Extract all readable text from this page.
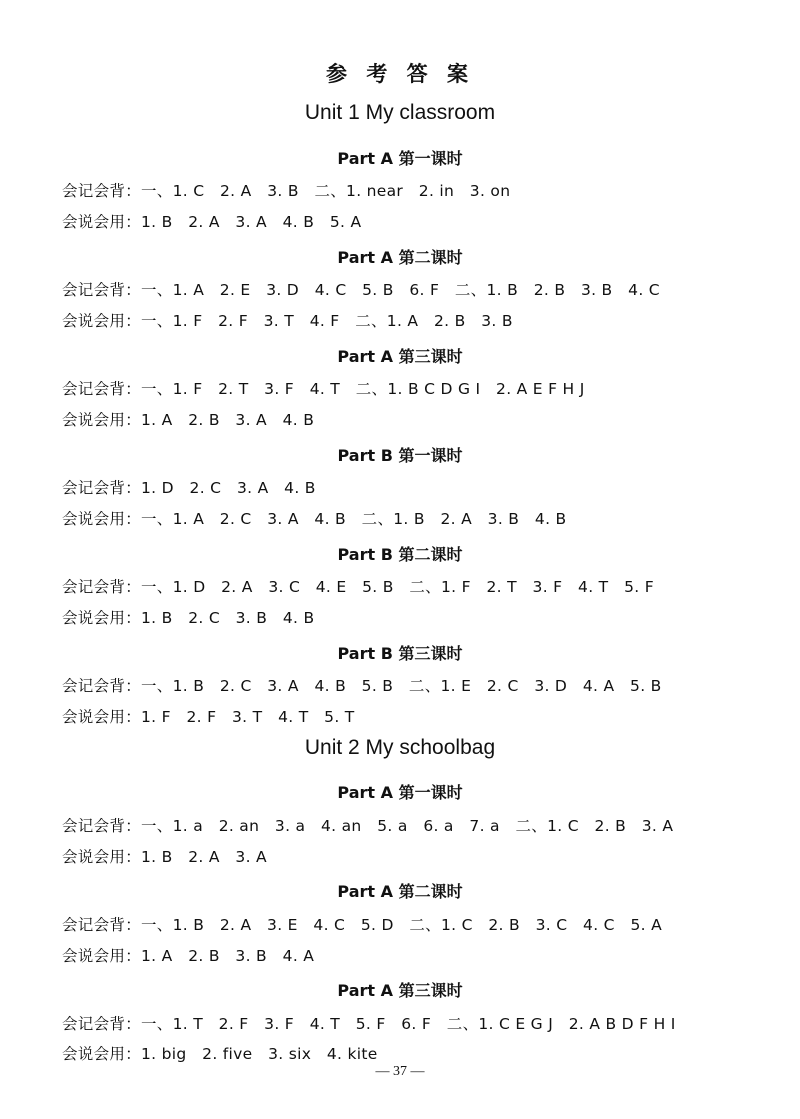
参 考 答 案
Unit 1 My classroom
Part A 第一课时
会记会背：一、1. C   2. A   3. B   二、1. near   2. in   3. on
会说会用：1. B   2. A   3. A   4. B   5. A
Part A 第二课时
会记会背：一、1. A   2. E   3. D   4. C   5. B   6. F   二、1. B   2. B   3. B   4. C
会说会用：一、1. F   2. F   3. T   4. F   二、1. A   2. B   3. B
Part A 第三课时
会记会背：一、1. F   2. T   3. F   4. T   二、1. B C D G I   2. A E F H J
会说会用：1. A   2. B   3. A   4. B
Part B 第一课时
会记会背：1. D   2. C   3. A   4. B
会说会用：一、1. A   2. C   3. A   4. B   二、1. B   2. A   3. B   4. B
Part B 第二课时
会记会背：一、1. D   2. A   3. C   4. E   5. B   二、1. F   2. T   3. F   4. T   5. F
会说会用：1. B   2. C   3. B   4. B
Part B 第三课时
会记会背：一、1. B   2. C   3. A   4. B   5. B   二、1. E   2. C   3. D   4. A   5. B
会说会用：1. F   2. F   3. T   4. T   5. T
Unit 2 My schoolbag
Part A 第一课时
会记会背：一、1. a   2. an   3. a   4. an   5. a   6. a   7. a   二、1. C   2. B   3. A
会说会用：1. B   2. A   3. A
Part A 第二课时
会记会背：一、1. B   2. A   3. E   4. C   5. D   二、1. C   2. B   3. C   4. C   5. A
会说会用：1. A   2. B   3. B   4. A
Part A 第三课时
会记会背：一、1. T   2. F   3. F   4. T   5. F   6. F   二、1. C E G J   2. A B D F H I
会说会用：1. big   2. five   3. six   4. kite
— 37 —
